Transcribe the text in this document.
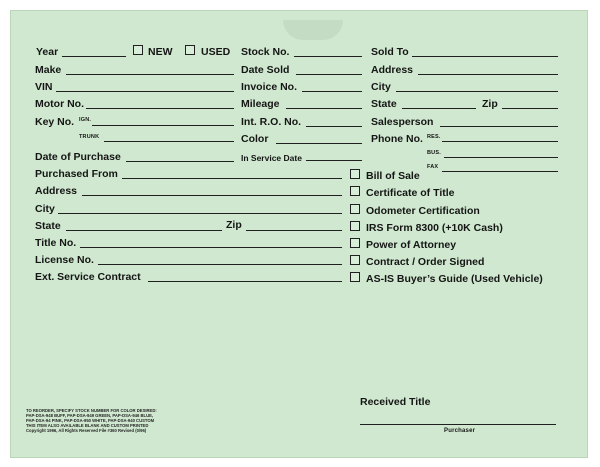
Year	NEW	USED
Make
VIN
Motor No.
Key No. IGN.
TRUNK
Date of Purchase
Purchased From
Address
City
State	Zip
Title No.
License No.
Ext. Service Contract
Stock No.
Date Sold
Invoice No.
Mileage
Int. R.O. No.
Color
In Service Date
Sold To
Address
City
State	Zip
Salesperson
Phone No. RES.
BUS.
FAX
Bill of Sale
Certificate of Title
Odometer Certification
IRS Form 8300 (+10K Cash)
Power of Attorney
Contract / Order Signed
AS-IS Buyer’s Guide (Used Vehicle)
Received Title
Purchaser
TO REORDER, SPECIFY STOCK NUMBER FOR COLOR DESIRED:
PAP-DSA-948 BUFF, PAP-DSA-949 GREEN, PAP-DSA-946 BLUE,
PAP-DSA-94 PINK, PAP-DSA-950 WHITE, PAP-DSA-940 CUSTOM
THIS ITEM ALSO AVAILABLE BLANK AND CUSTOM PRINTED
Copyright 1996, All Rights Reserved File #360 Revised (0/96)
